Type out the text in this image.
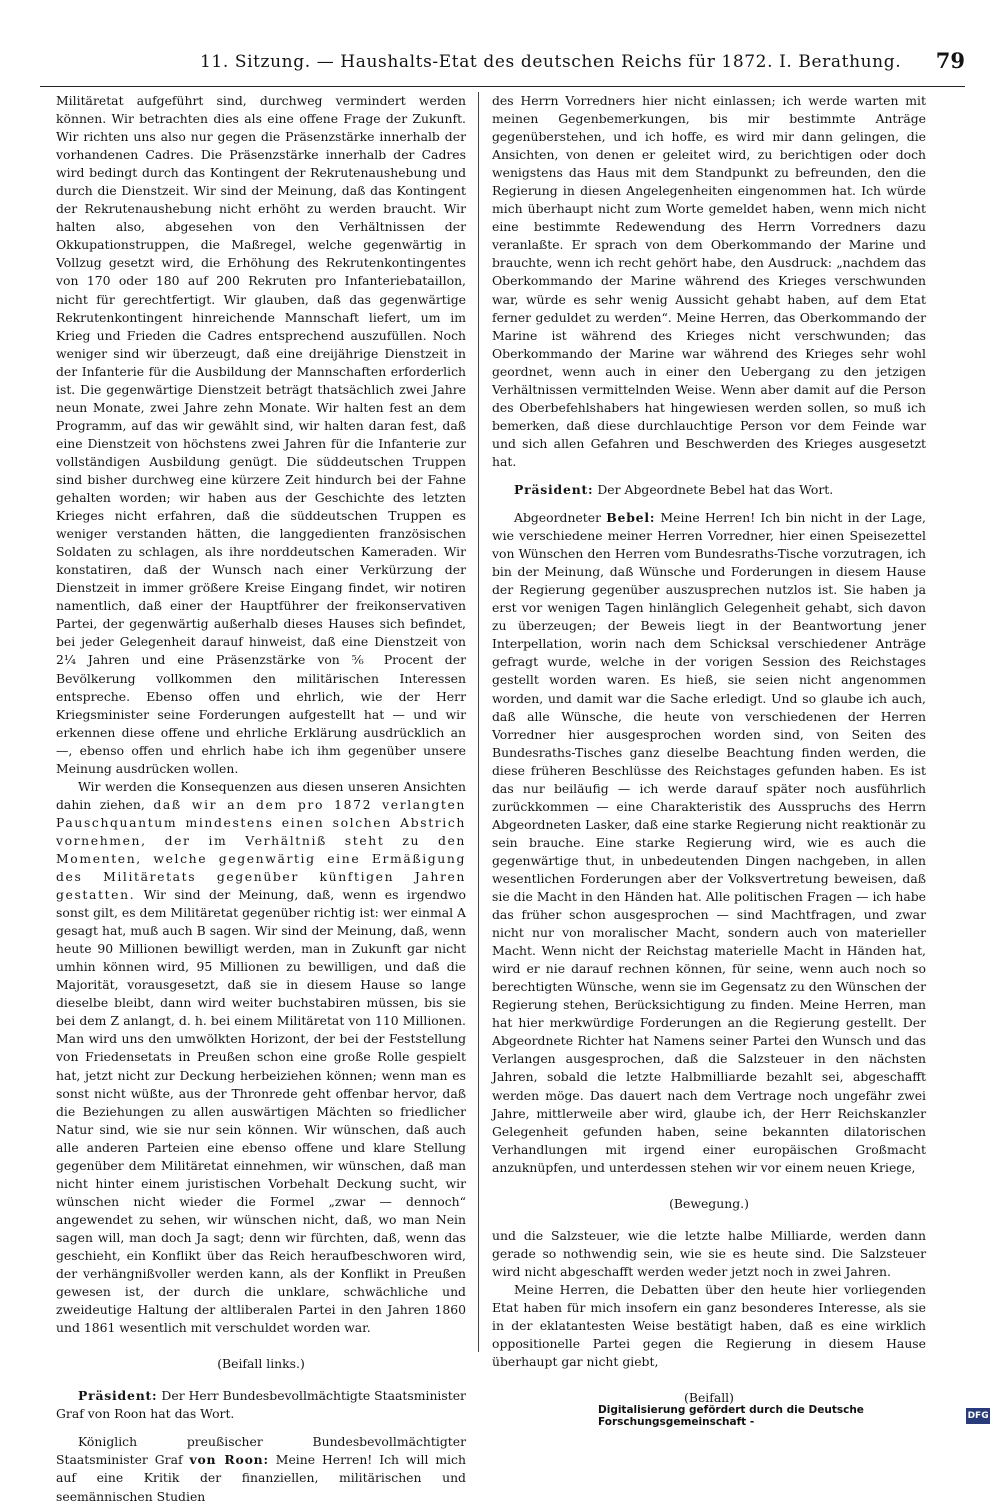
11. Sitzung. — Haushalts-Etat des deutschen Reichs für 1872. I. Berathung. 79

Militäretat aufgeführt sind, durchweg vermindert werden können. Wir betrachten dies als eine offene Frage der Zukunft. Wir richten uns also nur gegen die Präsenzstärke innerhalb der vorhandenen Cadres. Die Präsenzstärke innerhalb der Cadres wird bedingt durch das Kontingent der Rekrutenaushebung und durch die Dienstzeit. Wir sind der Meinung, daß das Kontingent der Rekrutenaushebung nicht erhöht zu werden braucht. Wir halten also, abgesehen von den Verhältnissen der Okkupationstruppen, die Maßregel, welche gegenwärtig in Vollzug gesetzt wird, die Erhöhung des Rekrutenkontingentes von 170 oder 180 auf 200 Rekruten pro Infanteriebataillon, nicht für gerechtfertigt. Wir glauben, daß das gegenwärtige Rekrutenkontingent hinreichende Mannschaft liefert, um im Krieg und Frieden die Cadres entsprechend auszufüllen. Noch weniger sind wir überzeugt, daß eine dreijährige Dienstzeit in der Infanterie für die Ausbildung der Mannschaften erforderlich ist. Die gegenwärtige Dienstzeit beträgt thatsächlich zwei Jahre neun Monate, zwei Jahre zehn Monate. Wir halten fest an dem Programm, auf das wir gewählt sind, wir halten daran fest, daß eine Dienstzeit von höchstens zwei Jahren für die Infanterie zur vollständigen Ausbildung genügt. Die süddeutschen Truppen sind bisher durchweg eine kürzere Zeit hindurch bei der Fahne gehalten worden; wir haben aus der Geschichte des letzten Krieges nicht erfahren, daß die süddeutschen Truppen es weniger verstanden hätten, die langgedienten französischen Soldaten zu schlagen, als ihre norddeutschen Kameraden. Wir konstatiren, daß der Wunsch nach einer Verkürzung der Dienstzeit in immer größere Kreise Eingang findet, wir notiren namentlich, daß einer der Hauptführer der freikonservativen Partei, der gegenwärtig außerhalb dieses Hauses sich befindet, bei jeder Gelegenheit darauf hinweist, daß eine Dienstzeit von 2¼ Jahren und eine Präsenzstärke von ⅚ Procent der Bevölkerung vollkommen den militärischen Interessen entspreche. Ebenso offen und ehrlich, wie der Herr Kriegsminister seine Forderungen aufgestellt hat — und wir erkennen diese offene und ehrliche Erklärung ausdrücklich an —, ebenso offen und ehrlich habe ich ihm gegenüber unsere Meinung ausdrücken wollen.

Wir werden die Konsequenzen aus diesen unseren Ansichten dahin ziehen, daß wir an dem pro 1872 verlangten Pauschquantum mindestens einen solchen Abstrich vornehmen, der im Verhältniß steht zu den Momenten, welche gegenwärtig eine Ermäßigung des Militäretats gegenüber künftigen Jahren gestatten. Wir sind der Meinung, daß, wenn es irgendwo sonst gilt, es dem Militäretat gegenüber richtig ist: wer einmal A gesagt hat, muß auch B sagen. Wir sind der Meinung, daß, wenn heute 90 Millionen bewilligt werden, man in Zukunft gar nicht umhin können wird, 95 Millionen zu bewilligen, und daß die Majorität, vorausgesetzt, daß sie in diesem Hause so lange dieselbe bleibt, dann wird weiter buchstabiren müssen, bis sie bei dem Z anlangt, d. h. bei einem Militäretat von 110 Millionen. Man wird uns den umwölkten Horizont, der bei der Feststellung von Friedensetats in Preußen schon eine große Rolle gespielt hat, jetzt nicht zur Deckung herbeiziehen können; wenn man es sonst nicht wüßte, aus der Thronrede geht offenbar hervor, daß die Beziehungen zu allen auswärtigen Mächten so friedlicher Natur sind, wie sie nur sein können. Wir wünschen, daß auch alle anderen Parteien eine ebenso offene und klare Stellung gegenüber dem Militäretat einnehmen, wir wünschen, daß man nicht hinter einem juristischen Vorbehalt Deckung sucht, wir wünschen nicht wieder die Formel „zwar — dennoch“ angewendet zu sehen, wir wünschen nicht, daß, wo man Nein sagen will, man doch Ja sagt; denn wir fürchten, daß, wenn das geschieht, ein Konflikt über das Reich heraufbeschworen wird, der verhängnißvoller werden kann, als der Konflikt in Preußen gewesen ist, der durch die unklare, schwächliche und zweideutige Haltung der altliberalen Partei in den Jahren 1860 und 1861 wesentlich mit verschuldet worden war.

(Beifall links.)

Präsident: Der Herr Bundesbevollmächtigte Staatsminister Graf von Roon hat das Wort.

Königlich preußischer Bundesbevollmächtigter Staatsminister Graf von Roon: Meine Herren! Ich will mich auf eine Kritik der finanziellen, militärischen und seemännischen Studien

des Herrn Vorredners hier nicht einlassen; ich werde warten mit meinen Gegenbemerkungen, bis mir bestimmte Anträge gegenüberstehen, und ich hoffe, es wird mir dann gelingen, die Ansichten, von denen er geleitet wird, zu berichtigen oder doch wenigstens das Haus mit dem Standpunkt zu befreunden, den die Regierung in diesen Angelegenheiten eingenommen hat. Ich würde mich überhaupt nicht zum Worte gemeldet haben, wenn mich nicht eine bestimmte Redewendung des Herrn Vorredners dazu veranlaßte. Er sprach von dem Oberkommando der Marine und brauchte, wenn ich recht gehört habe, den Ausdruck: „nachdem das Oberkommando der Marine während des Krieges verschwunden war, würde es sehr wenig Aussicht gehabt haben, auf dem Etat ferner geduldet zu werden“. Meine Herren, das Oberkommando der Marine ist während des Krieges nicht verschwunden; das Oberkommando der Marine war während des Krieges sehr wohl geordnet, wenn auch in einer den Uebergang zu den jetzigen Verhältnissen vermittelnden Weise. Wenn aber damit auf die Person des Oberbefehlshabers hat hingewiesen werden sollen, so muß ich bemerken, daß diese durchlauchtige Person vor dem Feinde war und sich allen Gefahren und Beschwerden des Krieges ausgesetzt hat.

Präsident: Der Abgeordnete Bebel hat das Wort.

Abgeordneter Bebel: Meine Herren! Ich bin nicht in der Lage, wie verschiedene meiner Herren Vorredner, hier einen Speisezettel von Wünschen den Herren vom Bundesraths-Tische vorzutragen, ich bin der Meinung, daß Wünsche und Forderungen in diesem Hause der Regierung gegenüber auszusprechen nutzlos ist. Sie haben ja erst vor wenigen Tagen hinlänglich Gelegenheit gehabt, sich davon zu überzeugen; der Beweis liegt in der Beantwortung jener Interpellation, worin nach dem Schicksal verschiedener Anträge gefragt wurde, welche in der vorigen Session des Reichstages gestellt worden waren. Es hieß, sie seien nicht angenommen worden, und damit war die Sache erledigt. Und so glaube ich auch, daß alle Wünsche, die heute von verschiedenen der Herren Vorredner hier ausgesprochen worden sind, von Seiten des Bundesraths-Tisches ganz dieselbe Beachtung finden werden, die diese früheren Beschlüsse des Reichstages gefunden haben. Es ist das nur beiläufig — ich werde darauf später noch ausführlich zurückkommen — eine Charakteristik des Ausspruchs des Herrn Abgeordneten Lasker, daß eine starke Regierung nicht reaktionär zu sein brauche. Eine starke Regierung wird, wie es auch die gegenwärtige thut, in unbedeutenden Dingen nachgeben, in allen wesentlichen Forderungen aber der Volksvertretung beweisen, daß sie die Macht in den Händen hat. Alle politischen Fragen — ich habe das früher schon ausgesprochen — sind Machtfragen, und zwar nicht nur von moralischer Macht, sondern auch von materieller Macht. Wenn nicht der Reichstag materielle Macht in Händen hat, wird er nie darauf rechnen können, für seine, wenn auch noch so berechtigten Wünsche, wenn sie im Gegensatz zu den Wünschen der Regierung stehen, Berücksichtigung zu finden. Meine Herren, man hat hier merkwürdige Forderungen an die Regierung gestellt. Der Abgeordnete Richter hat Namens seiner Partei den Wunsch und das Verlangen ausgesprochen, daß die Salzsteuer in den nächsten Jahren, sobald die letzte Halbmilliarde bezahlt sei, abgeschafft werden möge. Das dauert nach dem Vertrage noch ungefähr zwei Jahre, mittlerweile aber wird, glaube ich, der Herr Reichskanzler Gelegenheit gefunden haben, seine bekannten dilatorischen Verhandlungen mit irgend einer europäischen Großmacht anzuknüpfen, und unterdessen stehen wir vor einem neuen Kriege,

(Bewegung.)

und die Salzsteuer, wie die letzte halbe Milliarde, werden dann gerade so nothwendig sein, wie sie es heute sind. Die Salzsteuer wird nicht abgeschafft werden weder jetzt noch in zwei Jahren.

Meine Herren, die Debatten über den heute hier vorliegenden Etat haben für mich insofern ein ganz besonderes Interesse, als sie in der eklatantesten Weise bestätigt haben, daß es eine wirklich oppositionelle Partei gegen die Regierung in diesem Hause überhaupt gar nicht giebt,

(Beifall)

Digitalisierung gefördert durch die Deutsche Forschungsgemeinschaft -	DFG
